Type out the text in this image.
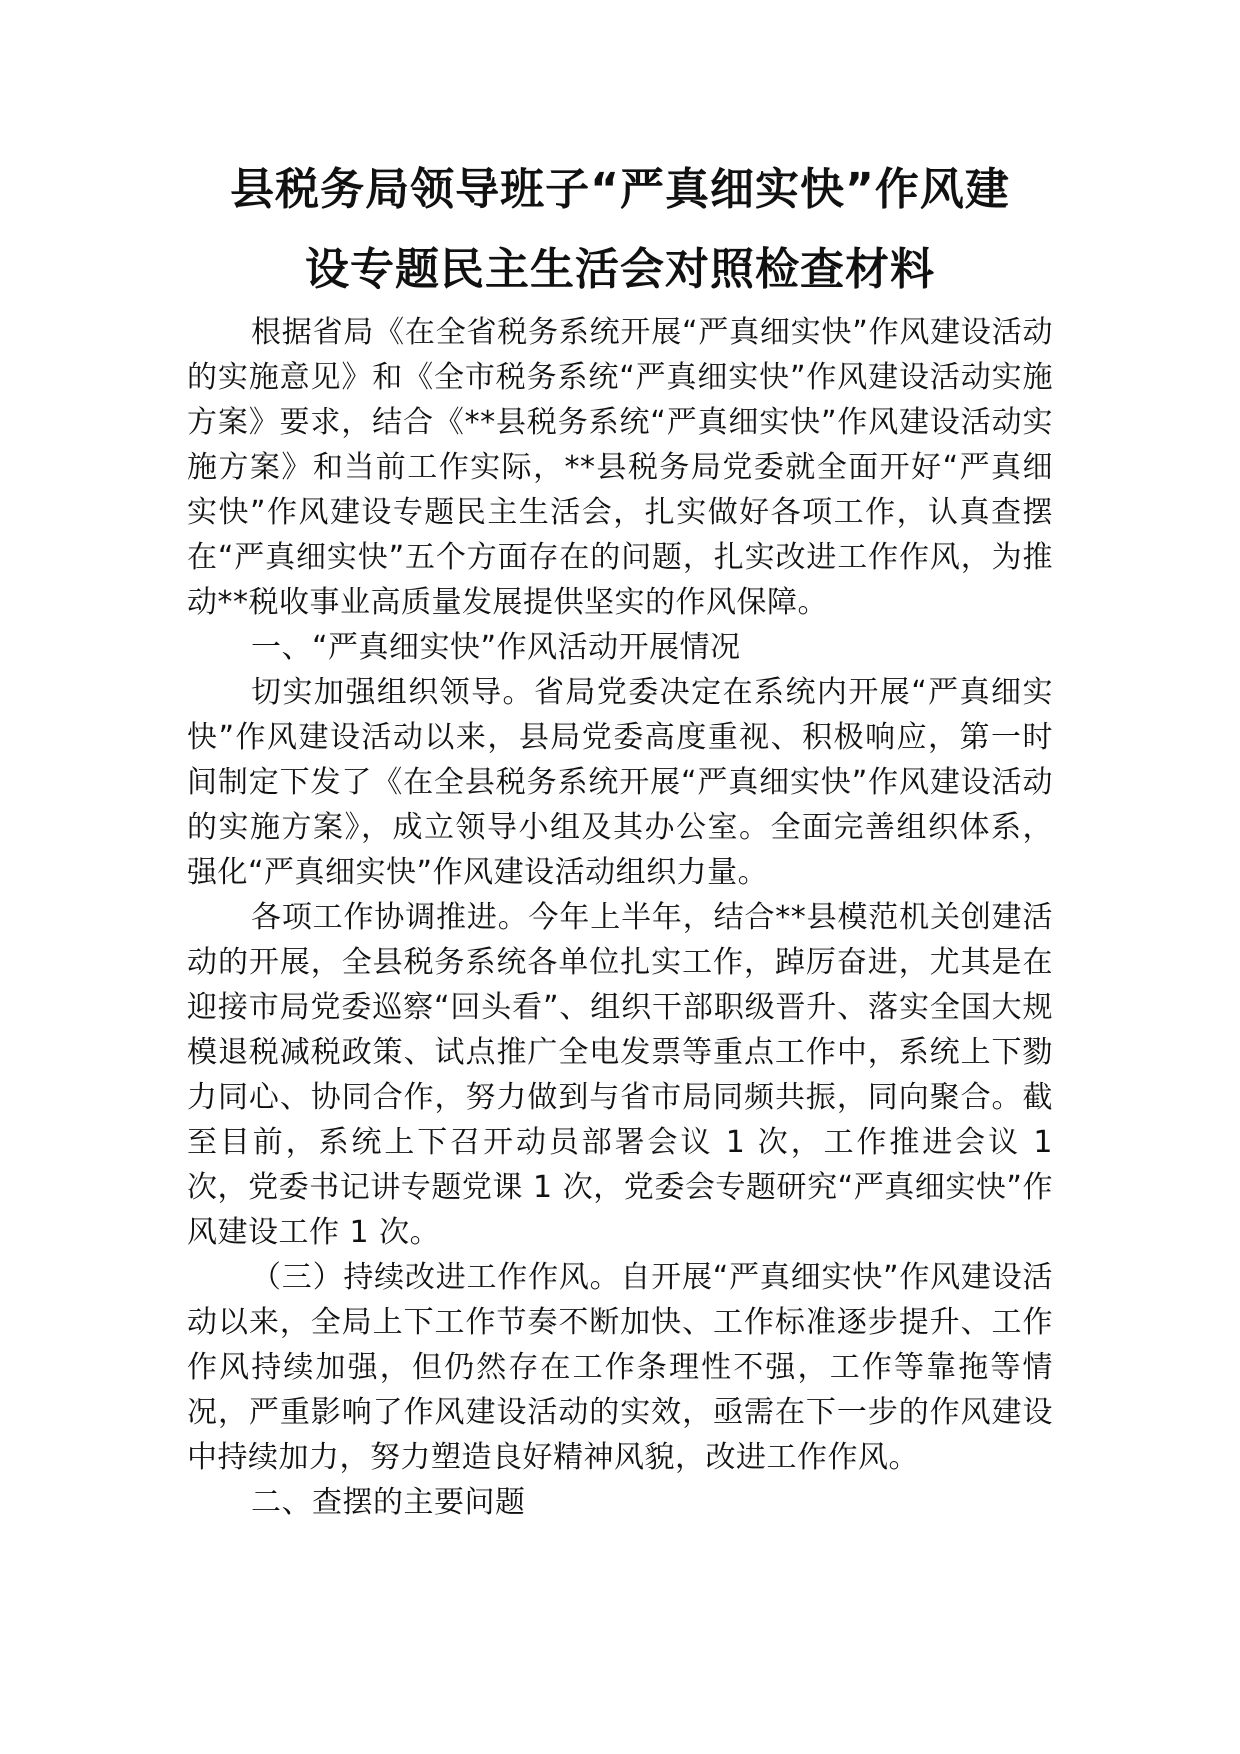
县税务局领导班子“严真细实快”作风建
设专题民主生活会对照检查材料

根据省局《在全省税务系统开展“严真细实快”作风建设活动的实施意见》和《全市税务系统“严真细实快”作风建设活动实施方案》要求，结合《**县税务系统“严真细实快”作风建设活动实施方案》和当前工作实际，**县税务局党委就全面开好“严真细实快”作风建设专题民主生活会，扎实做好各项工作，认真查摆在“严真细实快”五个方面存在的问题，扎实改进工作作风，为推动**税收事业高质量发展提供坚实的作风保障。

一、“严真细实快”作风活动开展情况

切实加强组织领导。省局党委决定在系统内开展“严真细实快”作风建设活动以来，县局党委高度重视、积极响应，第一时间制定下发了《在全县税务系统开展“严真细实快”作风建设活动的实施方案》，成立领导小组及其办公室。全面完善组织体系，强化“严真细实快”作风建设活动组织力量。

各项工作协调推进。今年上半年，结合**县模范机关创建活动的开展，全县税务系统各单位扎实工作，踔厉奋进，尤其是在迎接市局党委巡察“回头看”、组织干部职级晋升、落实全国大规模退税减税政策、试点推广全电发票等重点工作中，系统上下勠力同心、协同合作，努力做到与省市局同频共振，同向聚合。截至目前，系统上下召开动员部署会议 1 次，工作推进会议 1 次，党委书记讲专题党课 1 次，党委会专题研究“严真细实快”作风建设工作 1 次。

（三）持续改进工作作风。自开展“严真细实快”作风建设活动以来，全局上下工作节奏不断加快、工作标准逐步提升、工作作风持续加强，但仍然存在工作条理性不强，工作等靠拖等情况，严重影响了作风建设活动的实效，亟需在下一步的作风建设中持续加力，努力塑造良好精神风貌，改进工作作风。

二、查摆的主要问题
